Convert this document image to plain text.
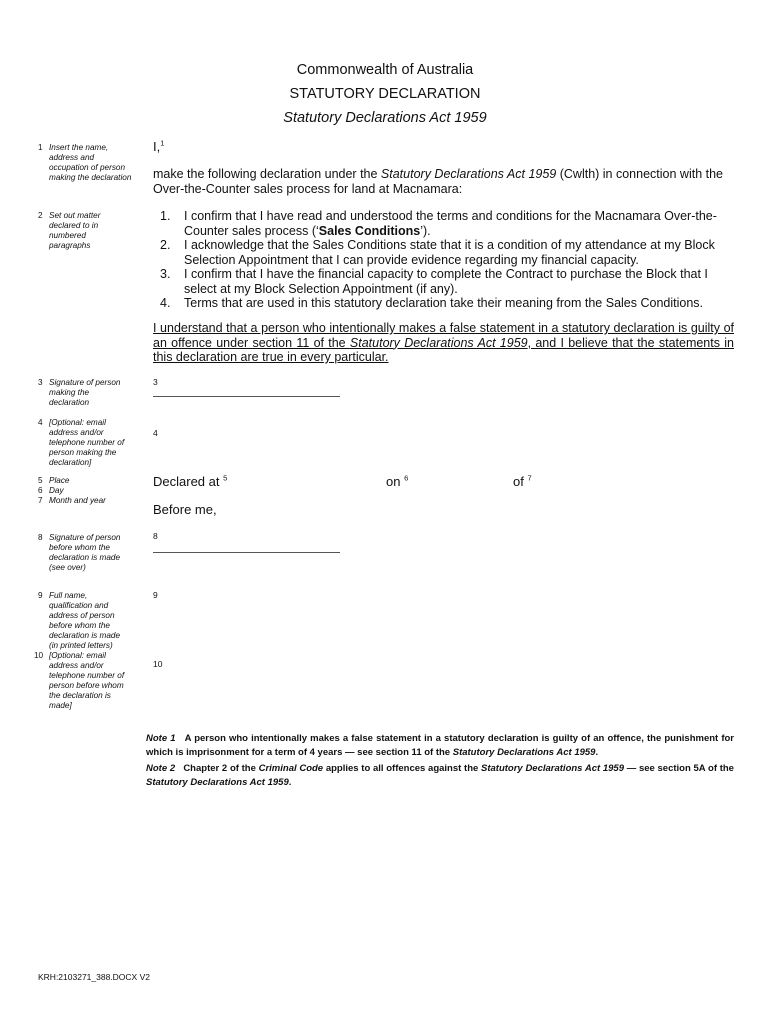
Commonwealth of Australia
STATUTORY DECLARATION
Statutory Declarations Act 1959
1 Insert the name, address and occupation of person making the declaration
2 Set out matter declared to in numbered paragraphs
3 Signature of person making the declaration
4 [Optional: email address and/or telephone number of person making the declaration]
5 Place
6 Day
7 Month and year
8 Signature of person before whom the declaration is made (see over)
9 Full name, qualification and address of person before whom the declaration is made (in printed letters)
10 [Optional: email address and/or telephone number of person before whom the declaration is made]
I,$^1$
make the following declaration under the Statutory Declarations Act 1959 (Cwlth) in connection with the Over-the-Counter sales process for land at Macnamara:
1. I confirm that I have read and understood the terms and conditions for the Macnamara Over-the-Counter sales process (‘Sales Conditions’).
2. I acknowledge that the Sales Conditions state that it is a condition of my attendance at my Block Selection Appointment that I can provide evidence regarding my financial capacity.
3. I confirm that I have the financial capacity to complete the Contract to purchase the Block that I select at my Block Selection Appointment (if any).
4. Terms that are used in this statutory declaration take their meaning from the Sales Conditions.
I understand that a person who intentionally makes a false statement in a statutory declaration is guilty of an offence under section 11 of the Statutory Declarations Act 1959, and I believe that the statements in this declaration are true in every particular.
3
4
Declared at $^5$	on $^6$	of $^7$
Before me,
8
9
10
Note 1 A person who intentionally makes a false statement in a statutory declaration is guilty of an offence, the punishment for which is imprisonment for a term of 4 years — see section 11 of the Statutory Declarations Act 1959.
Note 2 Chapter 2 of the Criminal Code applies to all offences against the Statutory Declarations Act 1959 — see section 5A of the Statutory Declarations Act 1959.
KRH:2103271_388.DOCX V2
